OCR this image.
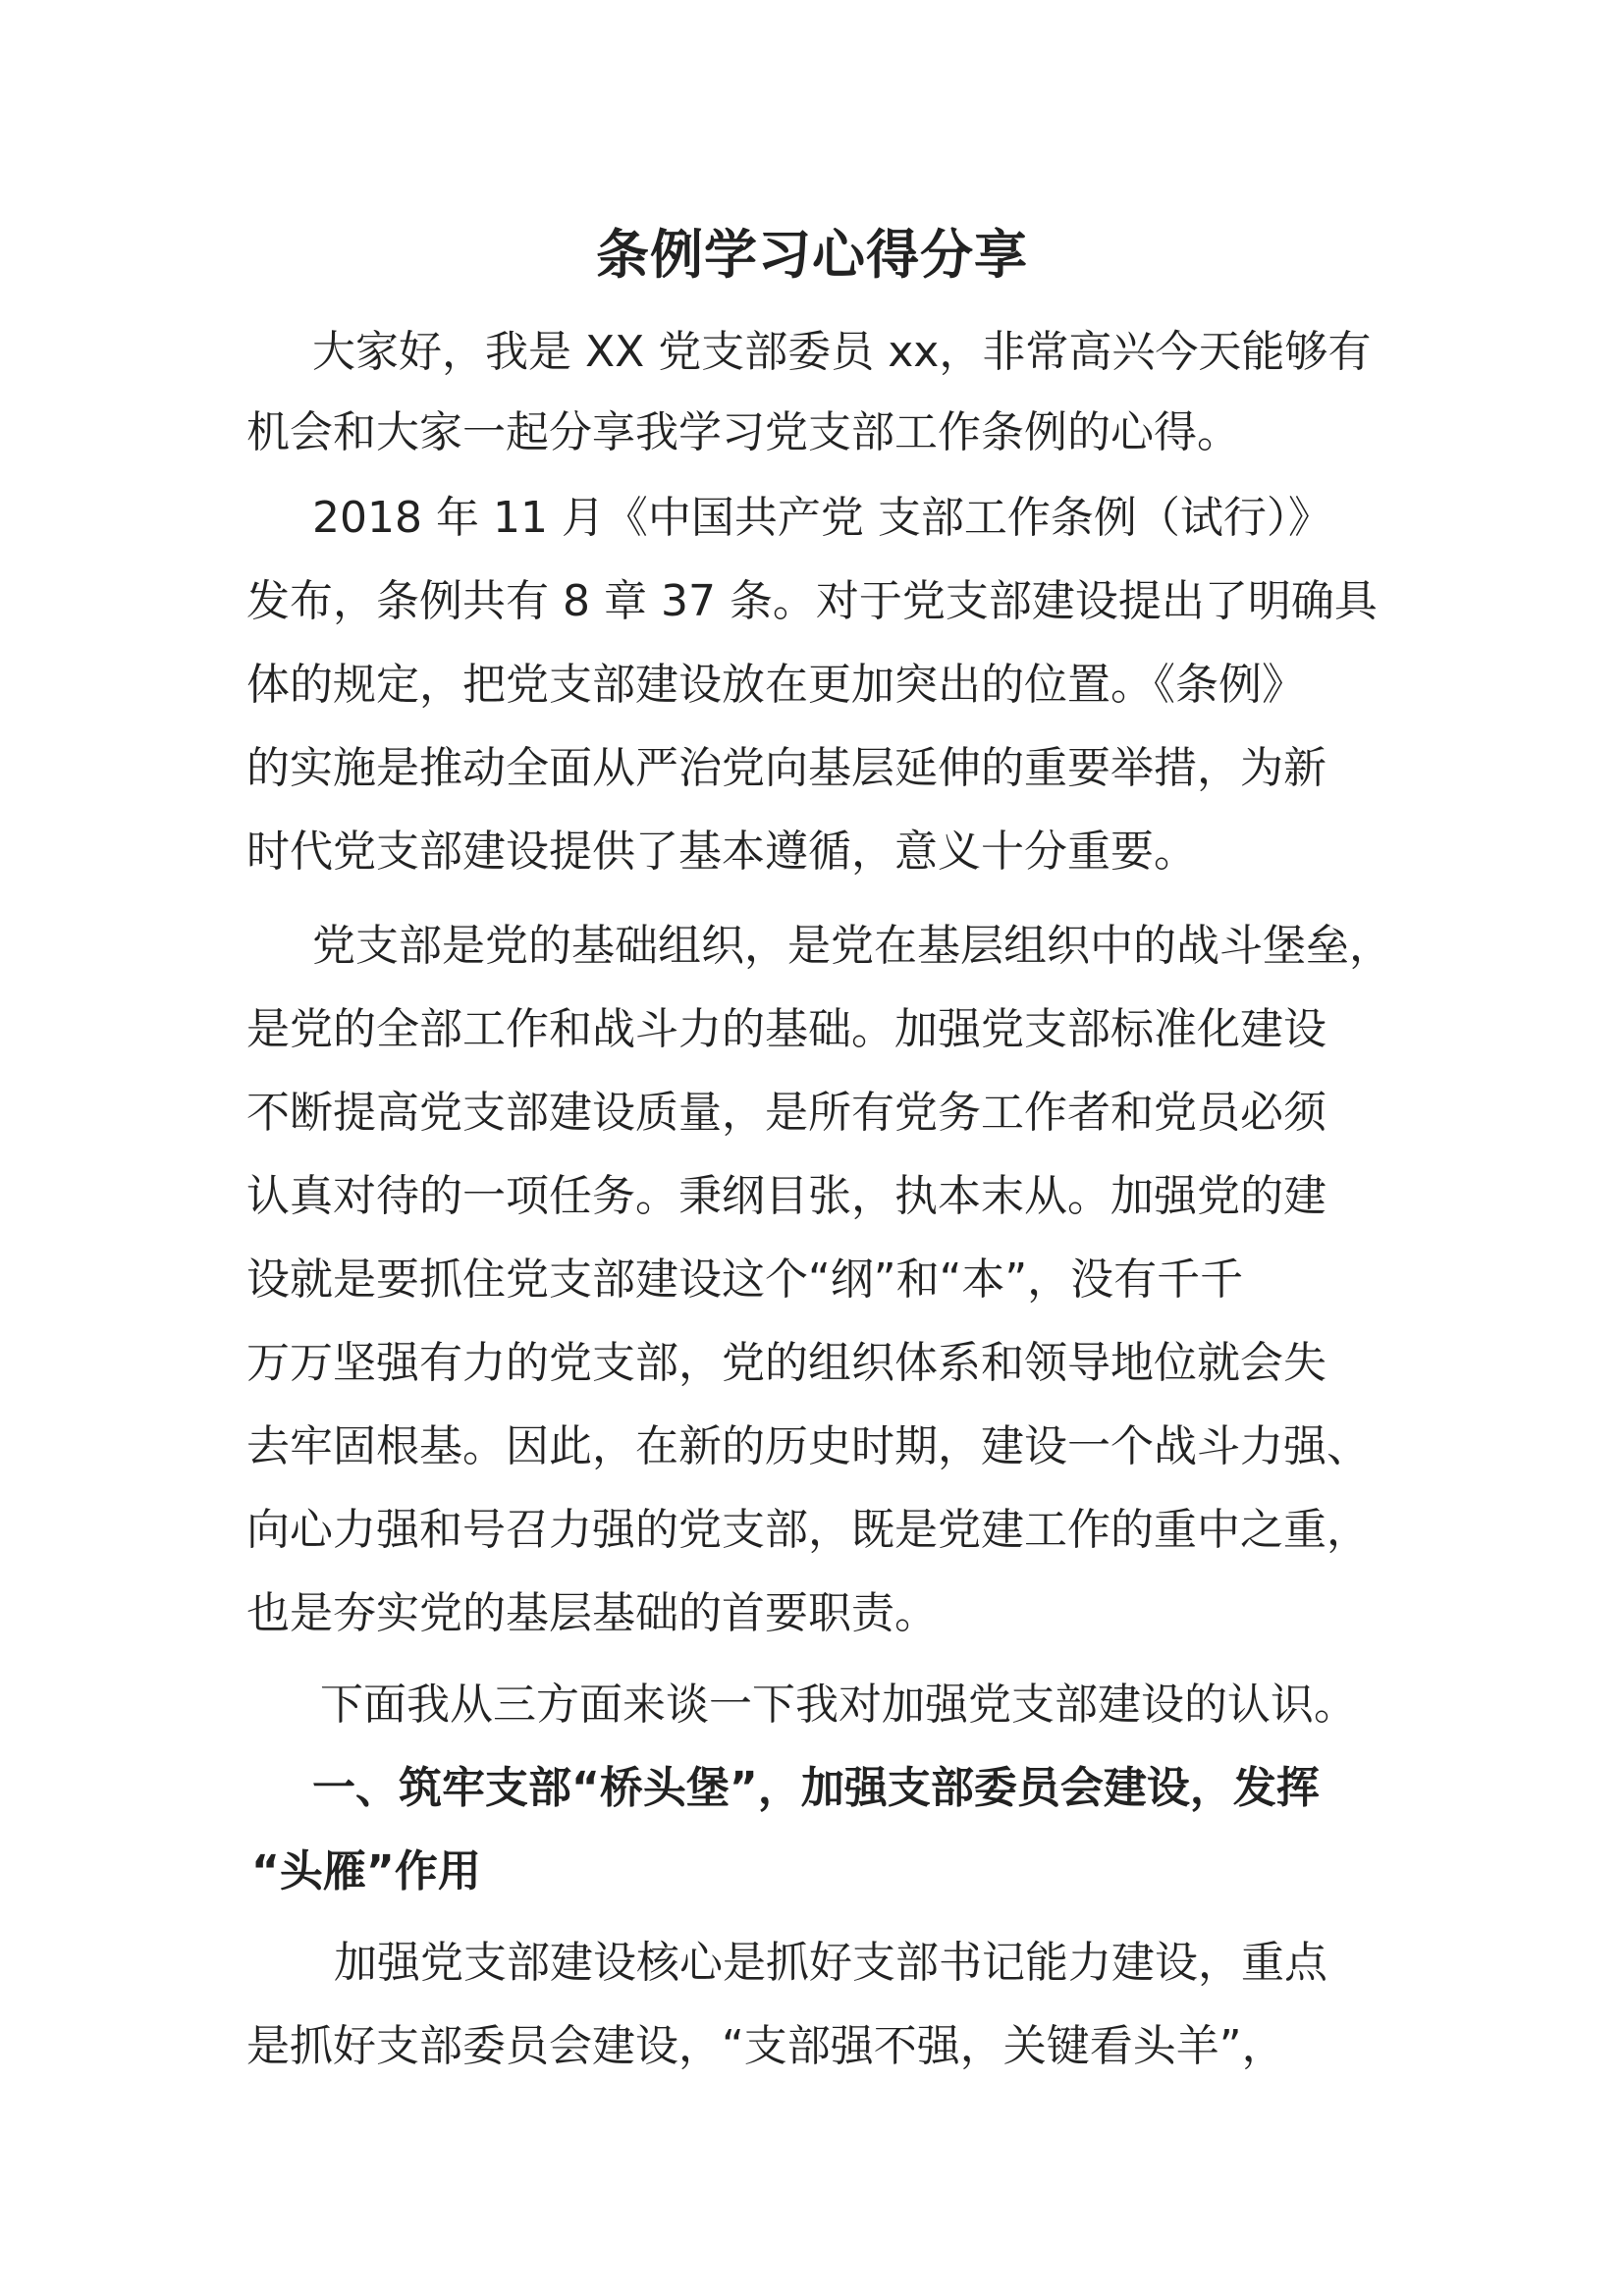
条例学习心得分享
大家好，我是 XX 党支部委员 xx，非常高兴今天能够有
机会和大家一起分享我学习党支部工作条例的心得。
2018 年 11 月《中国共产党 支部工作条例（试行）》
发布，条例共有 8 章 37 条。对于党支部建设提出了明确具
体的规定，把党支部建设放在更加突出的位置。《条例》
的实施是推动全面从严治党向基层延伸的重要举措，为新
时代党支部建设提供了基本遵循，意义十分重要。
党支部是党的基础组织，是党在基层组织中的战斗堡垒，
是党的全部工作和战斗力的基础。加强党支部标准化建设
不断提高党支部建设质量，是所有党务工作者和党员必须
认真对待的一项任务。秉纲目张，执本末从。加强党的建
设就是要抓住党支部建设这个“纲”和“本”，没有千千
万万坚强有力的党支部，党的组织体系和领导地位就会失
去牢固根基。因此，在新的历史时期，建设一个战斗力强、
向心力强和号召力强的党支部，既是党建工作的重中之重，
也是夯实党的基层基础的首要职责。
下面我从三方面来谈一下我对加强党支部建设的认识。
一、筑牢支部“桥头堡”，加强支部委员会建设，发挥
“头雁”作用
加强党支部建设核心是抓好支部书记能力建设，重点
是抓好支部委员会建设，“支部强不强，关键看头羊”，
